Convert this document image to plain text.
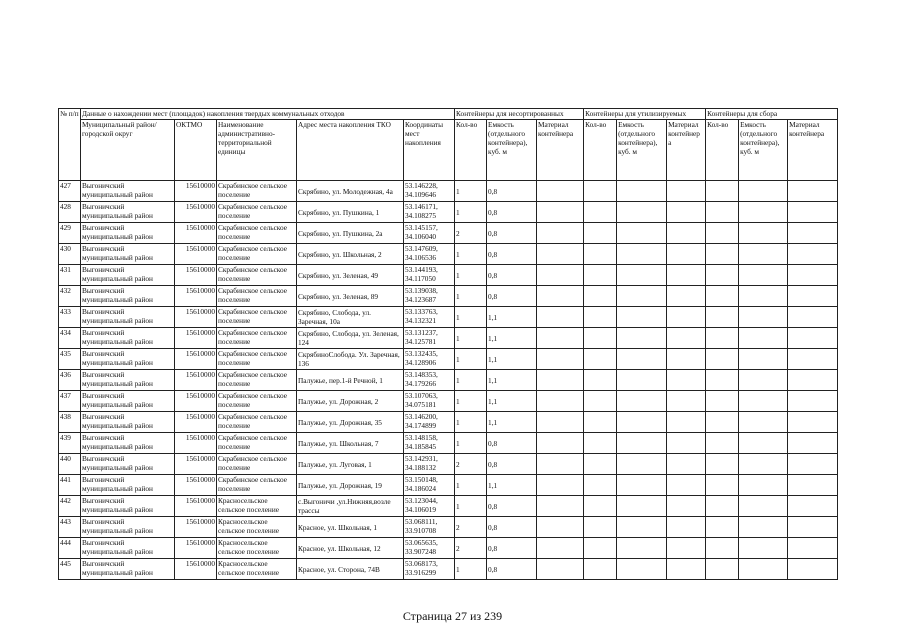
№ п/п	Данные о нахождении мест (площадок) накопления твердых коммунальных отходов					Контейнеры для несортированных			Контейнеры для утилизируемых			Контейнеры для сбора		
	Муниципальный район/городской округ	ОКТМО	Наименование административно-территориальной единицы	Адрес места накопления ТКО	Координаты мест накопления	Кол-во	Емкость (отдельного контейнера), куб. м	Материал контейнера	Кол-во	Емкость (отдельного контейнера), куб. м	Материал контейнер а	Кол-во	Емкость (отдельного контейнера), куб. м	Материал контейнера
427	Выгоничский муниципальный район	15610000	Скрабинское сельское поселение	Скрябино, ул. Молодежная, 4а	53.146228, 34.109646	1	0,8							
428	Выгоничский муниципальный район	15610000	Скрабинское сельское поселение	Скрябино, ул. Пушкина, 1	53.146171, 34.108275	1	0,8							
429	Выгоничский муниципальный район	15610000	Скрабинское сельское поселение	Скрябино, ул. Пушкина, 2а	53.145157, 34.106040	2	0,8							
430	Выгоничский муниципальный район	15610000	Скрабинское сельское поселение	Скрябино, ул. Школьная, 2	53.147609, 34.106536	1	0,8							
431	Выгоничский муниципальный район	15610000	Скрабинское сельское поселение	Скрябино, ул. Зеленая, 49	53.144193, 34.117050	1	0,8							
432	Выгоничский муниципальный район	15610000	Скрабинское сельское поселение	Скрябино, ул. Зеленая, 89	53.139038, 34.123687	1	0,8							
433	Выгоничский муниципальный район	15610000	Скрабинское сельское поселение	Скрябино, Слобода, ул. Заречная, 10а	53.133763, 34.132321	1	1,1							
434	Выгоничский муниципальный район	15610000	Скрабинское сельское поселение	Скрябино, Слобода, ул. Зеленая, 124	53.131237, 34.125781	1	1,1							
435	Выгоничский муниципальный район	15610000	Скрабинское сельское поселение	СкрябиноСлобода. Ул. Заречная, 136	53.132435, 34.128906	1	1,1							
436	Выгоничский муниципальный район	15610000	Скрабинское сельское поселение	Палужье, пер.1-й Речной, 1	53.148353, 34.179266	1	1,1							
437	Выгоничский муниципальный район	15610000	Скрабинское сельское поселение	Палужье, ул. Дорожная, 2	53.107063, 34.075181	1	1,1							
438	Выгоничский муниципальный район	15610000	Скрабинское сельское поселение	Палужье, ул. Дорожная, 35	53.146200, 34.174899	1	1,1							
439	Выгоничский муниципальный район	15610000	Скрабинское сельское поселение	Палужье, ул. Школьная, 7	53.148158, 34.185845	1	0,8							
440	Выгоничский муниципальный район	15610000	Скрабинское сельское поселение	Палужье, ул. Луговая, 1	53.142931, 34.188132	2	0,8							
441	Выгоничский муниципальный район	15610000	Скрабинское сельское поселение	Палужье, ул. Дорожная, 19	53.150148, 34.186024	1	1,1							
442	Выгоничский муниципальный район	15610000	Красносельское сельское поселение	с.Выгоничи ,ул.Нижняя,возле трассы	53.123044, 34.106019	1	0,8							
443	Выгоничский муниципальный район	15610000	Красносельское сельское поселение	Красное, ул. Школьная, 1	53.068111, 33.910708	2	0,8							
444	Выгоничский муниципальный район	15610000	Красносельское сельское поселение	Красное, ул. Школьная, 12	53.065635, 33.907248	2	0,8							
445	Выгоничский муниципальный район	15610000	Красносельское сельское поселение	Красное, ул. Сторона, 74В	53.068173, 33.916299	1	0,8							
Страница 27 из 239
